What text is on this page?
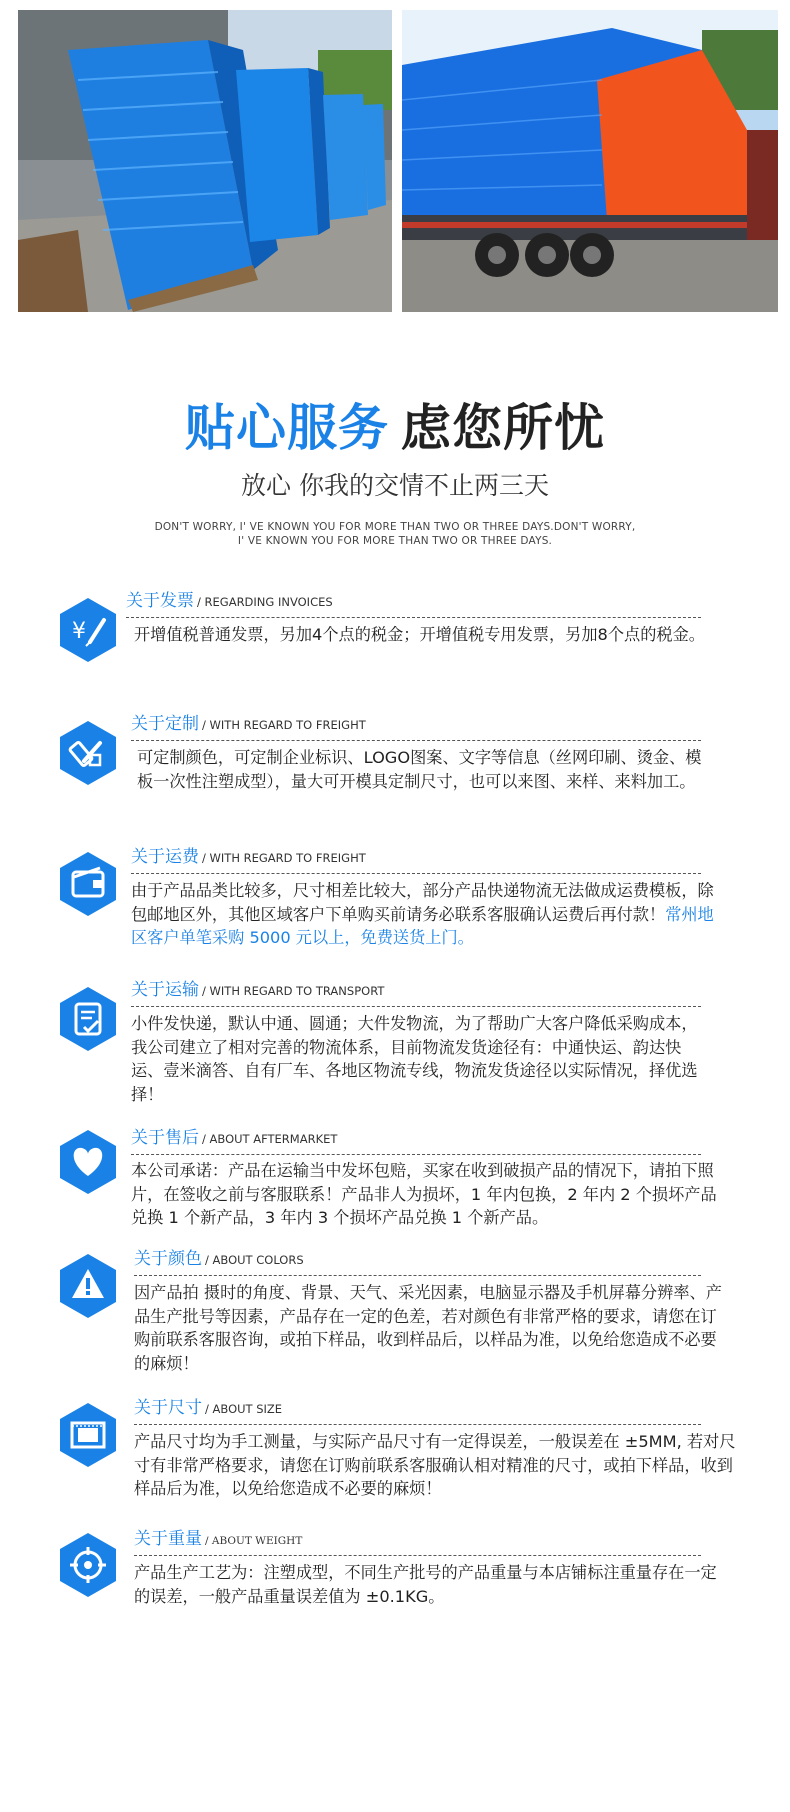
贴心服务 虑您所忧
放心 你我的交情不止两三天
DON'T WORRY, I' VE KNOWN YOU FOR MORE THAN TWO OR THREE DAYS.DON'T WORRY,
I' VE KNOWN YOU FOR MORE THAN TWO OR THREE DAYS.
¥
关于发票 / REGARDING INVOICES
开增值税普通发票，另加4个点的税金；开增值税专用发票，另加8个点的税金。
关于定制 / WITH REGARD TO FREIGHT
可定制颜色，可定制企业标识、LOGO图案、文字等信息（丝网印刷、烫金、模板一次性注塑成型），量大可开模具定制尺寸，也可以来图、来样、来料加工。
关于运费 / WITH REGARD TO FREIGHT
由于产品品类比较多，尺寸相差比较大，部分产品快递物流无法做成运费模板，除包邮地区外，其他区域客户下单购买前请务必联系客服确认运费后再付款！常州地区客户单笔采购 5000 元以上，免费送货上门。
关于运输 / WITH REGARD TO TRANSPORT
小件发快递，默认中通、圆通；大件发物流，为了帮助广大客户降低采购成本，我公司建立了相对完善的物流体系，目前物流发货途径有：中通快运、韵达快运、壹米滴答、自有厂车、各地区物流专线，物流发货途径以实际情况，择优选择！
关于售后 / ABOUT AFTERMARKET
本公司承诺：产品在运输当中发坏包赔，买家在收到破损产品的情况下，请拍下照片，在签收之前与客服联系！产品非人为损坏，1 年内包换，2 年内 2 个损坏产品兑换 1 个新产品，3 年内 3 个损坏产品兑换 1 个新产品。
关于颜色 / ABOUT COLORS
因产品拍 摄时的角度、背景、天气、采光因素，电脑显示器及手机屏幕分辨率、产品生产批号等因素，产品存在一定的色差，若对颜色有非常严格的要求，请您在订购前联系客服咨询，或拍下样品，收到样品后，以样品为准，以免给您造成不必要的麻烦！
关于尺寸 / ABOUT SIZE
产品尺寸均为手工测量，与实际产品尺寸有一定得误差，一般误差在 ±5MM, 若对尺寸有非常严格要求，请您在订购前联系客服确认相对精准的尺寸，或拍下样品，收到样品后为准，以免给您造成不必要的麻烦！
关于重量 / ABOUT WEIGHT
产品生产工艺为：注塑成型，不同生产批号的产品重量与本店铺标注重量存在一定的误差，一般产品重量误差值为 ±0.1KG。
